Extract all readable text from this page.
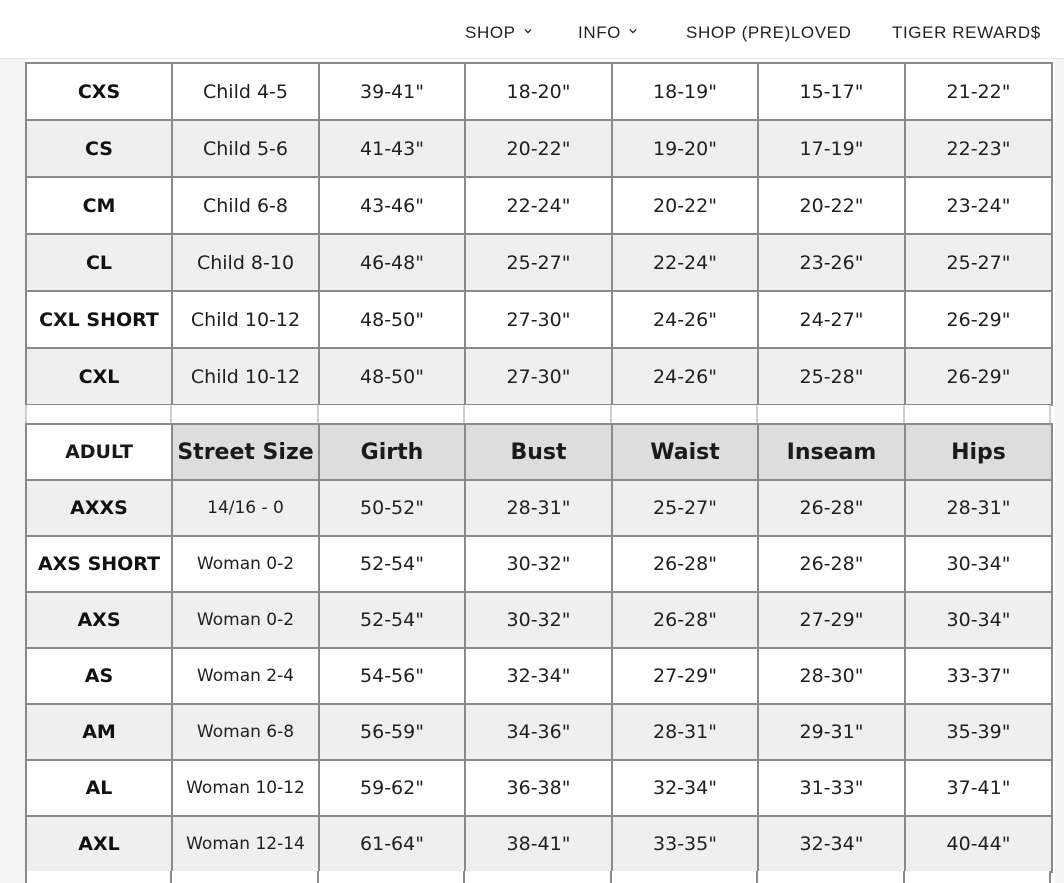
SHOP	INFO	SHOP (PRE)LOVED TIGER REWARD$
CXS	Child 4-5	39-41"	18-20"	18-19"	15-17"	21-22"
CS	Child 5-6	41-43"	20-22"	19-20"	17-19"	22-23"
CM	Child 6-8	43-46"	22-24"	20-22"	20-22"	23-24"
CL	Child 8-10	46-48"	25-27"	22-24"	23-26"	25-27"
CXL SHORT	Child 10-12	48-50"	27-30"	24-26"	24-27"	26-29"
CXL	Child 10-12	48-50"	27-30"	24-26"	25-28"	26-29"
ADULT	Street Size	Girth	Bust	Waist	Inseam	Hips
AXXS	14/16 - 0	50-52"	28-31"	25-27"	26-28"	28-31"
AXS SHORT	Woman 0-2	52-54"	30-32"	26-28"	26-28"	30-34"
AXS	Woman 0-2	52-54"	30-32"	26-28"	27-29"	30-34"
AS	Woman 2-4	54-56"	32-34"	27-29"	28-30"	33-37"
AM	Woman 6-8	56-59"	34-36"	28-31"	29-31"	35-39"
AL	Woman 10-12	59-62"	36-38"	32-34"	31-33"	37-41"
AXL	Woman 12-14	61-64"	38-41"	33-35"	32-34"	40-44"
